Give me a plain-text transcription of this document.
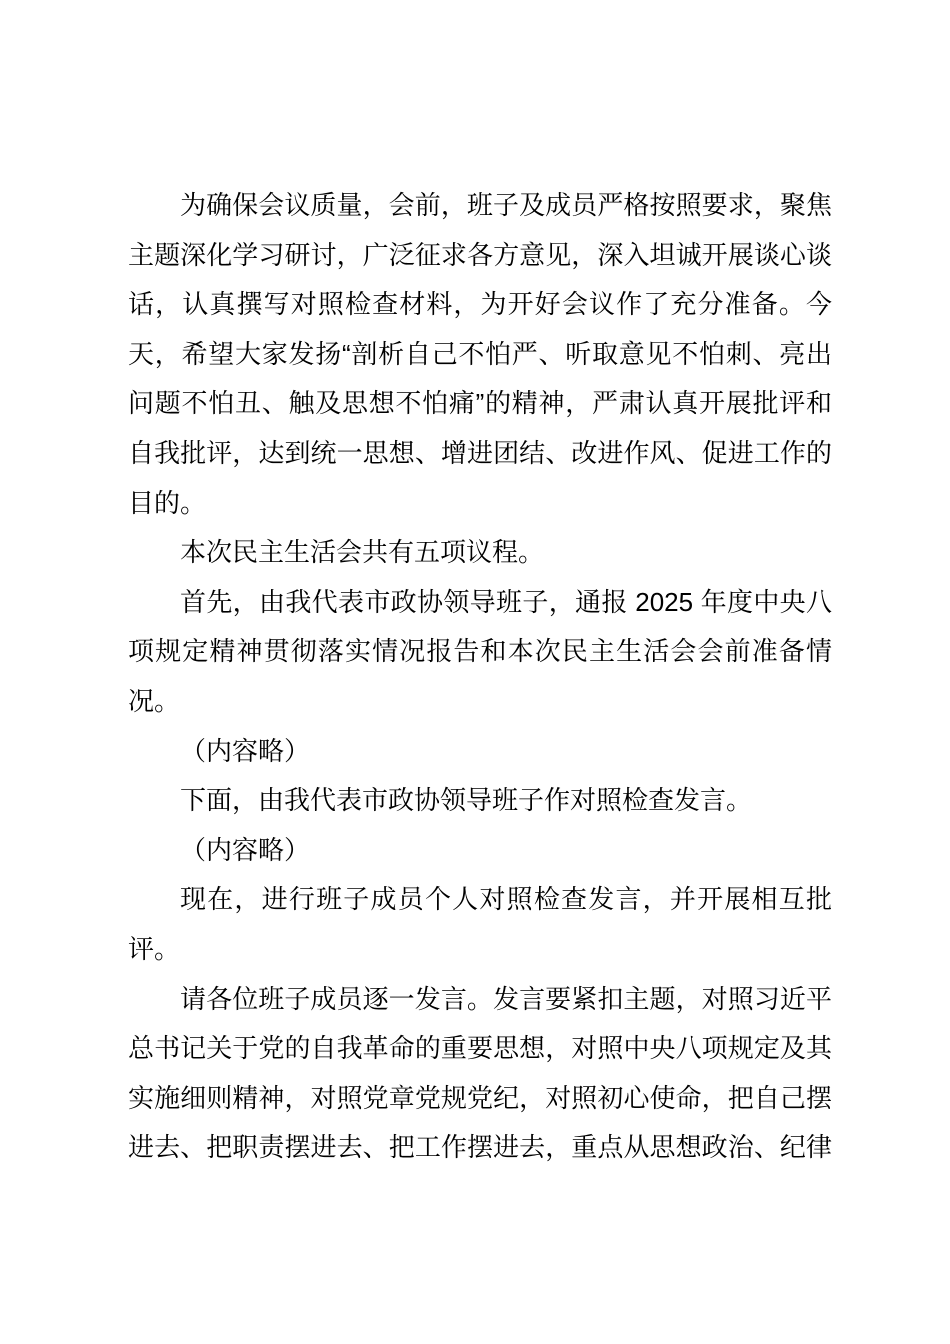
为确保会议质量，会前，班子及成员严格按照要求，聚焦
主题深化学习研讨，广泛征求各方意见，深入坦诚开展谈心谈
话，认真撰写对照检查材料，为开好会议作了充分准备。今
天，希望大家发扬“剖析自己不怕严、听取意见不怕刺、亮出
问题不怕丑、触及思想不怕痛”的精神，严肃认真开展批评和
自我批评，达到统一思想、增进团结、改进作风、促进工作的
目的。
本次民主生活会共有五项议程。
首先，由我代表市政协领导班子，通报 2025 年度中央八
项规定精神贯彻落实情况报告和本次民主生活会会前准备情
况。
（内容略）
下面，由我代表市政协领导班子作对照检查发言。
（内容略）
现在，进行班子成员个人对照检查发言，并开展相互批
评。
请各位班子成员逐一发言。发言要紧扣主题，对照习近平
总书记关于党的自我革命的重要思想，对照中央八项规定及其
实施细则精神，对照党章党规党纪，对照初心使命，把自己摆
进去、把职责摆进去、把工作摆进去，重点从思想政治、纪律
